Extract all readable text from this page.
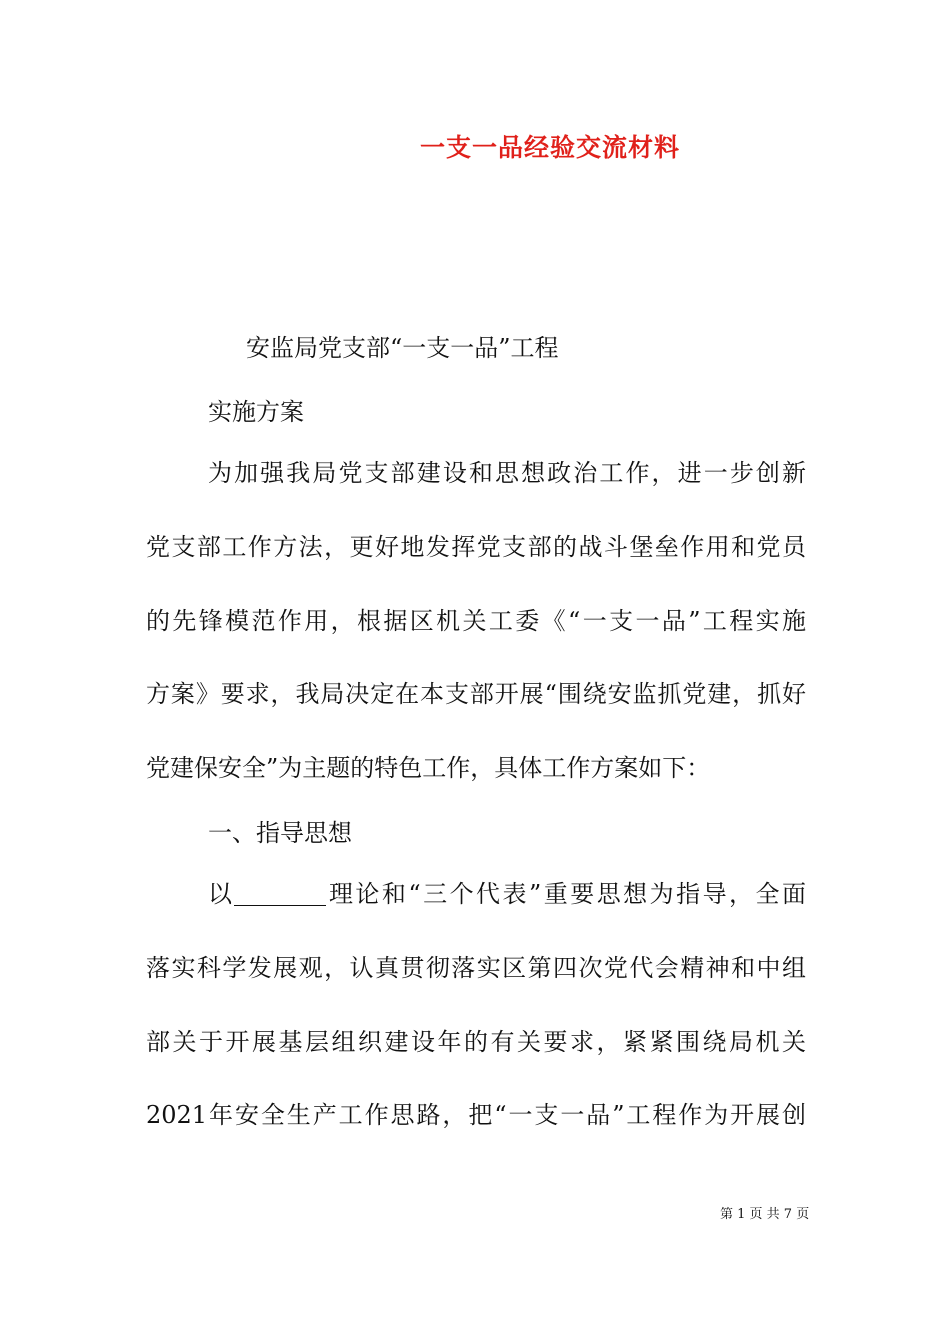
一支一品经验交流材料
安监局党支部“一支一品”工程
实施方案
为加强我局党支部建设和思想政治工作，进一步创新
党支部工作方法，更好地发挥党支部的战斗堡垒作用和党员
的先锋模范作用，根据区机关工委《“一支一品”工程实施
方案》要求，我局决定在本支部开展“围绕安监抓党建，抓好
党建保安全”为主题的特色工作，具体工作方案如下：
一、指导思想
以	理论和“三个代表”重要思想为指导，全面
落实科学发展观，认真贯彻落实区第四次党代会精神和中组
部关于开展基层组织建设年的有关要求，紧紧围绕局机关
2021年安全生产工作思路，把“一支一品”工程作为开展创
第 1 页 共 7 页
